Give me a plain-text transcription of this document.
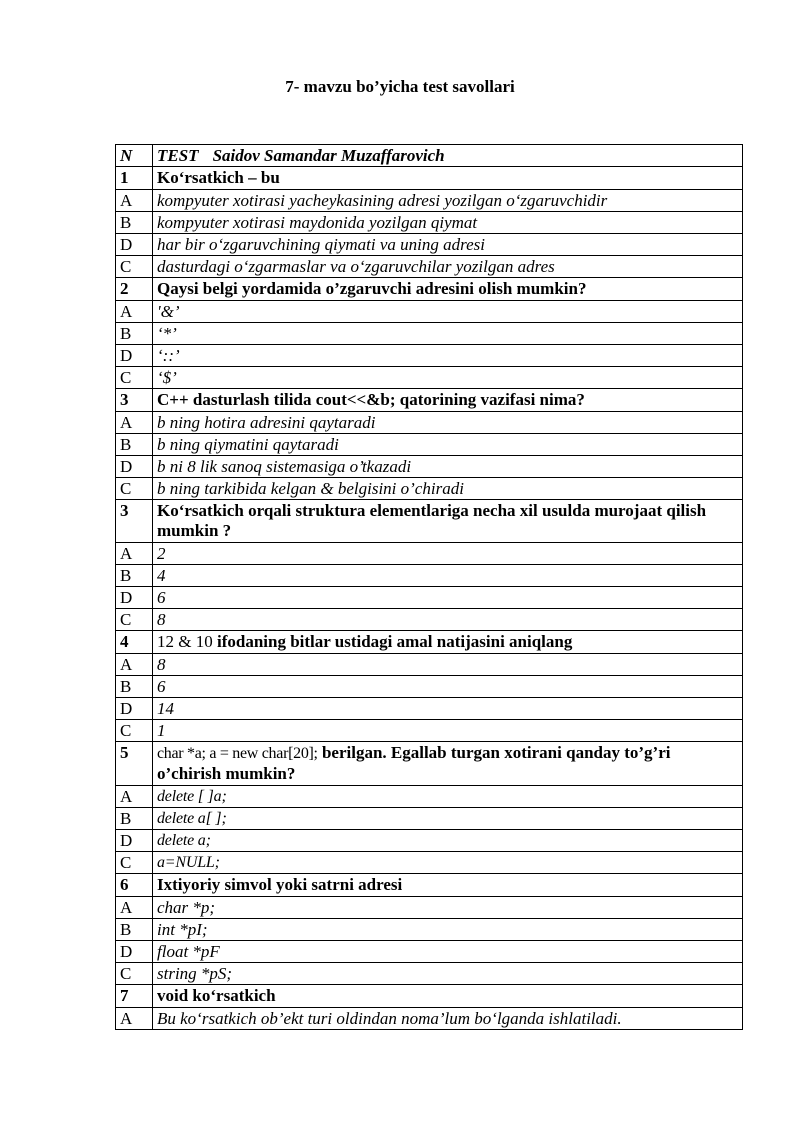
7- mavzu bo’yicha test savollari
N	TEST Saidov Samandar Muzaffarovich
1	Ko‘rsatkich – bu
A	kompyuter xotirasi yacheykasining adresi yozilgan o‘zgaruvchidir
B	kompyuter xotirasi maydonida yozilgan qiymat
D	har bir o‘zgaruvchining qiymati va uning adresi
C	dasturdagi o‘zgarmaslar va o‘zgaruvchilar yozilgan adres
2	Qaysi belgi yordamida o’zgaruvchi adresini olish mumkin?
A	'&’
B	‘*’
D	‘::’
C	‘$’
3	C++ dasturlash tilida cout<<&b; qatorining vazifasi nima?
A	b ning hotira adresini qaytaradi
B	b ning qiymatini qaytaradi
D	b ni 8 lik sanoq sistemasiga o’tkazadi
C	b ning tarkibida kelgan & belgisini o’chiradi
3	Ko‘rsatkich orqali struktura elementlariga necha xil usulda murojaat qilish mumkin ?
A	2
B	4
D	6
C	8
4	12 & 10 ifodaning bitlar ustidagi amal natijasini aniqlang
A	8
B	6
D	14
C	1
5	char *a; a = new char[20]; berilgan. Egallab turgan xotirani qanday to’g’ri o’chirish mumkin?
A	delete [ ]a;
B	delete a[ ];
D	delete a;
C	a=NULL;
6	Ixtiyoriy simvol yoki satrni adresi
A	char *p;
B	int *pI;
D	float *pF
C	string *pS;
7	void ko‘rsatkich
A	Bu ko‘rsatkich ob’ekt turi oldindan noma’lum bo‘lganda ishlatiladi.
